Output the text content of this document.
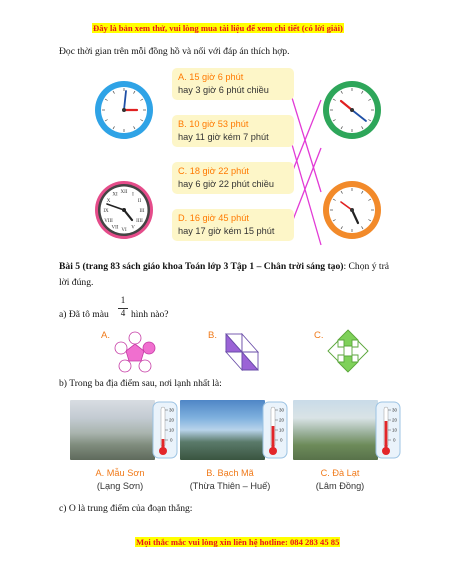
Đây là bản xem thử, vui lòng mua tài liệu để xem chi tiết (có lời giải)
Đọc thời gian trên mỗi đồng hồ và nối với đáp án thích hợp.
A. 15 giờ 6 phút
hay 3 giờ 6 phút chiều
B. 10 giờ 53 phút
hay 11 giờ kém 7 phút
C. 18 giờ 22 phút
hay 6 giờ 22 phút chiều
D. 16 giờ 45 phút
hay 17 giờ kém 15 phút
XII I
II
III
IIII
V
VI
VII
VIII
IX
X
XI
Bài 5 (trang 83 sách giáo khoa Toán lớp 3 Tập 1 – Chân trời sáng tạo): Chọn ý trả lời đúng.
a) Đã tô màu
1
4 hình nào?
A.	B.	C.
b) Trong ba địa điểm sau, nơi lạnh nhất là:
30
20
10
0
A. Mẫu Sơn
(Lạng Sơn)
30
20
10
0
B. Bạch Mã
(Thừa Thiên – Huế)
30
20
10
0
C. Đà Lạt
(Lâm Đồng)
c) O là trung điểm của đoạn thẳng:
Mọi thắc mắc vui lòng xin liên hệ hotline: 084 283 45 85
